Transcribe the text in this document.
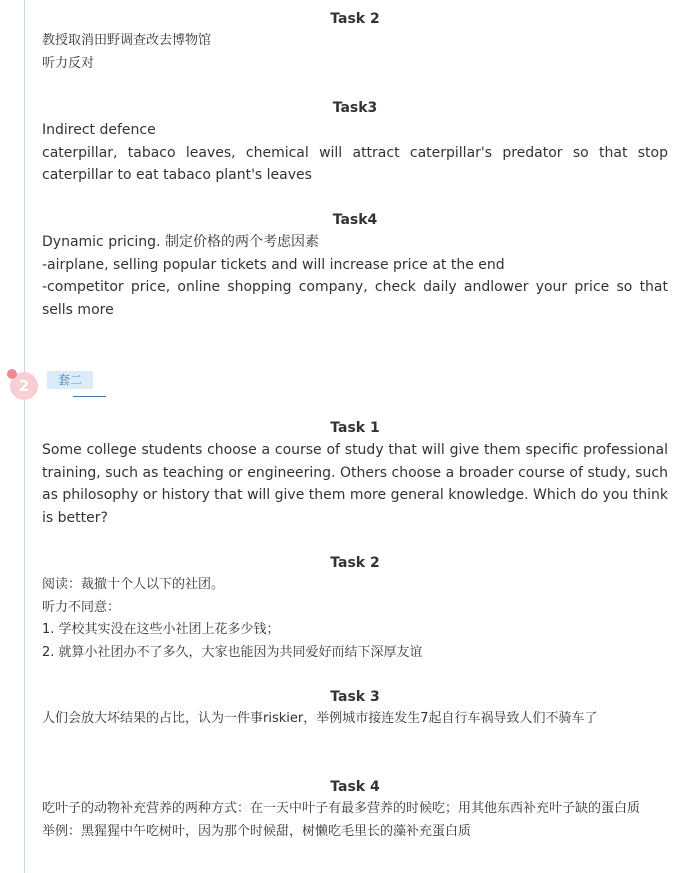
Task 2

教授取消田野调查改去博物馆

听力反对

Task3

Indirect defence

caterpillar, tabaco leaves, chemical will attract caterpillar's predator so that stop caterpillar to eat tabaco plant's leaves

Task4

Dynamic pricing. 制定价格的两个考虑因素

-airplane, selling popular tickets and will increase price at the end

-competitor price, online shopping company, check daily andlower your price so that sells more

Task 1

Some college students choose a course of study that will give them specific professional training, such as teaching or engineering. Others choose a broader course of study, such as philosophy or history that will give them more general knowledge. Which do you think is better?

Task 2

阅读：裁撤十个人以下的社团。

听力不同意：

1. 学校其实没在这些小社团上花多少钱；

2. 就算小社团办不了多久，大家也能因为共同爱好而结下深厚友谊

Task 3

人们会放大坏结果的占比，认为一件事riskier，举例城市接连发生7起自行车祸导致人们不骑车了

Task 4

吃叶子的动物补充营养的两种方式：在一天中叶子有最多营养的时候吃；用其他东西补充叶子缺的蛋白质

举例：黑猩猩中午吃树叶，因为那个时候甜，树懒吃毛里长的藻补充蛋白质

2	套二
